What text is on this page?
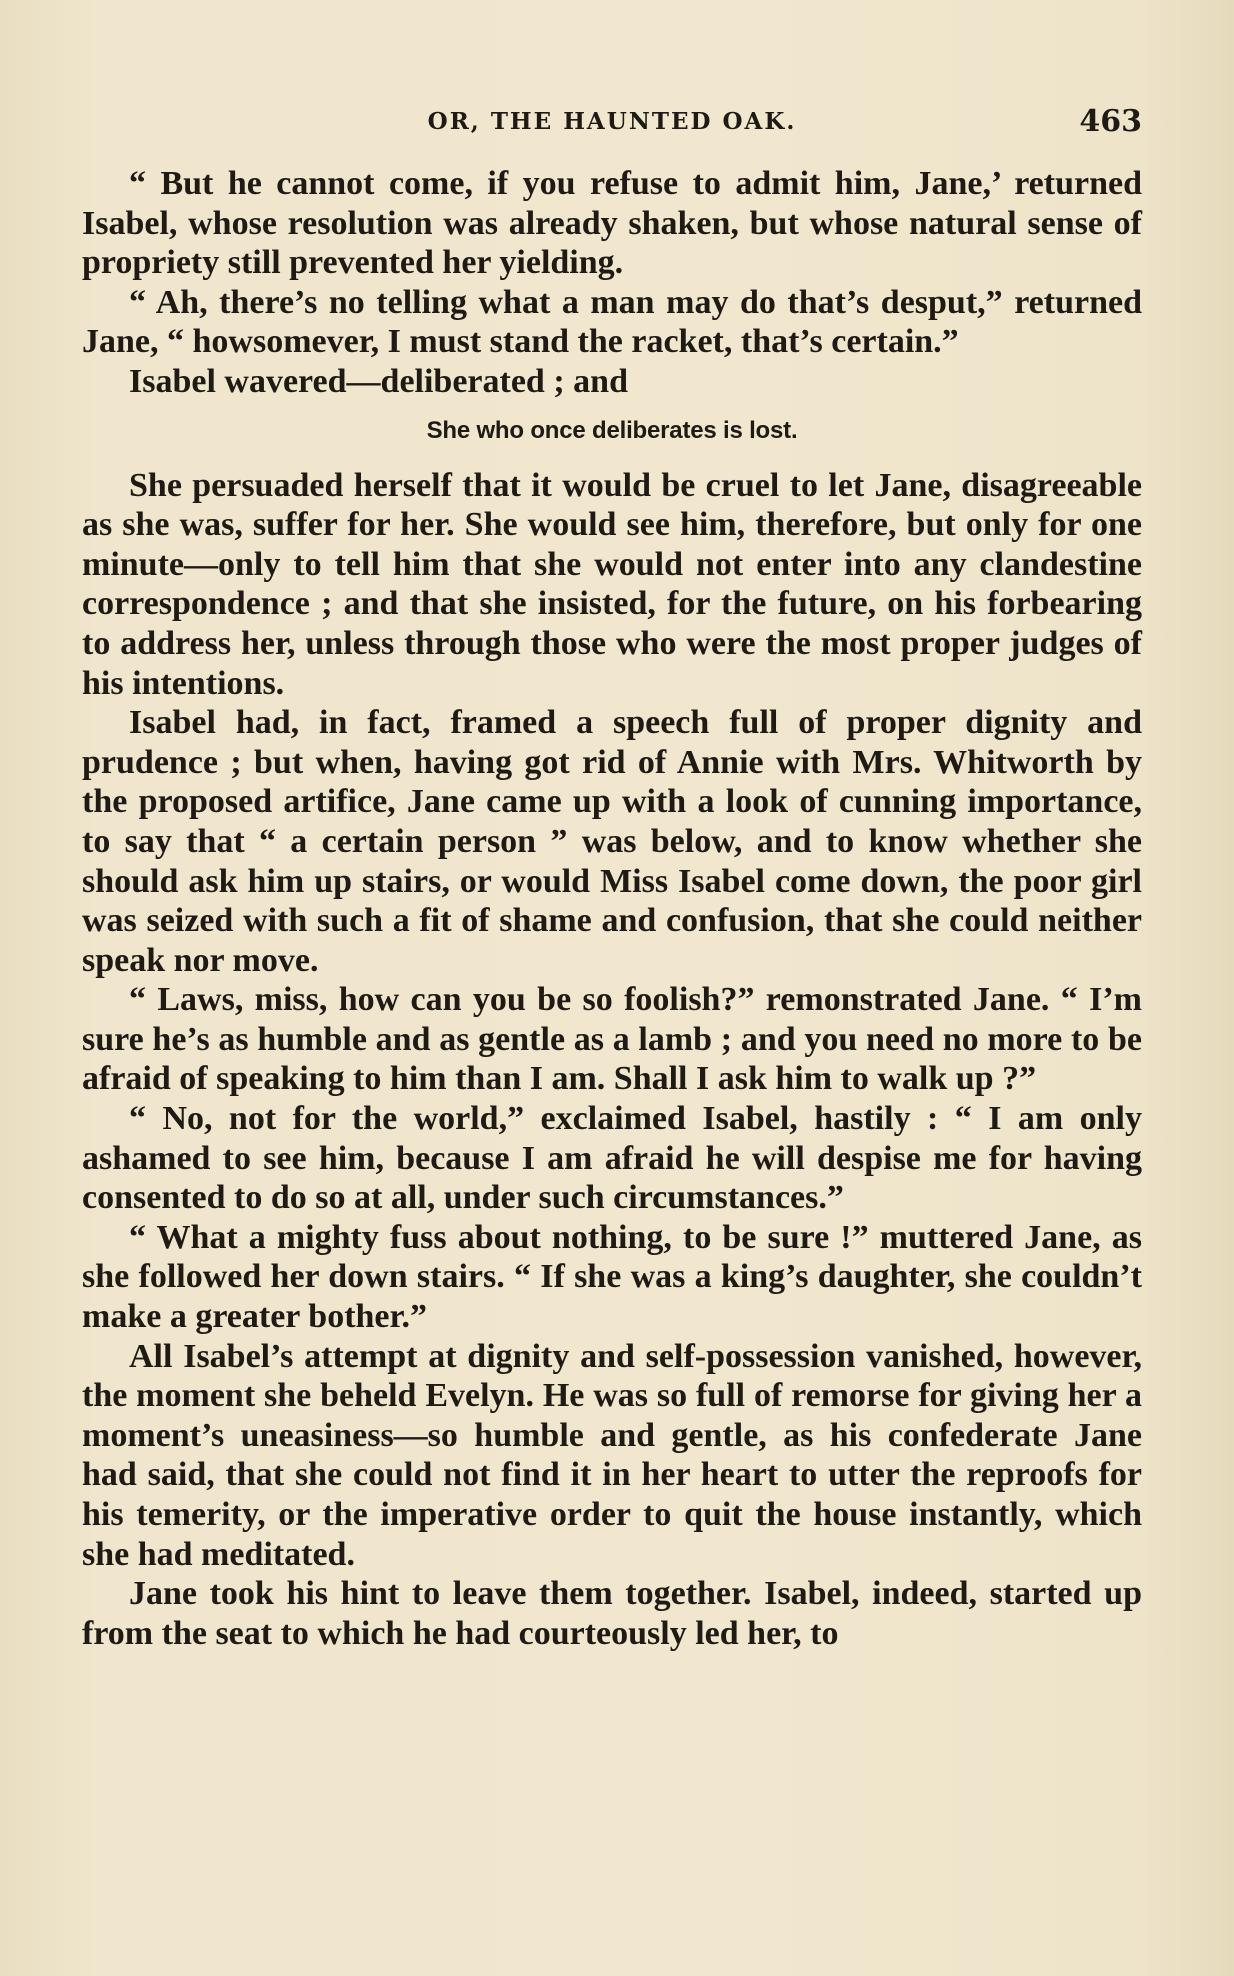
OR, THE HAUNTED OAK.	463

“ But he cannot come, if you refuse to admit him, Jane,’ returned Isabel, whose resolution was already shaken, but whose natural sense of propriety still prevented her yielding.

“ Ah, there’s no telling what a man may do that’s desput,” returned Jane, “ howsomever, I must stand the racket, that’s certain.”

Isabel wavered—deliberated ; and

She who once deliberates is lost.

She persuaded herself that it would be cruel to let Jane, disagreeable as she was, suffer for her. She would see him, therefore, but only for one minute—only to tell him that she would not enter into any clandestine correspondence ; and that she insisted, for the future, on his forbearing to address her, unless through those who were the most proper judges of his intentions.

Isabel had, in fact, framed a speech full of proper dignity and prudence ; but when, having got rid of Annie with Mrs. Whitworth by the proposed artifice, Jane came up with a look of cunning importance, to say that “ a certain person ” was below, and to know whether she should ask him up stairs, or would Miss Isabel come down, the poor girl was seized with such a fit of shame and confusion, that she could neither speak nor move.

“ Laws, miss, how can you be so foolish?” remonstrated Jane. “ I’m sure he’s as humble and as gentle as a lamb ; and you need no more to be afraid of speaking to him than I am. Shall I ask him to walk up ?”

“ No, not for the world,” exclaimed Isabel, hastily : “ I am only ashamed to see him, because I am afraid he will despise me for having consented to do so at all, under such circumstances.”

“ What a mighty fuss about nothing, to be sure !” muttered Jane, as she followed her down stairs. “ If she was a king’s daughter, she couldn’t make a greater bother.”

All Isabel’s attempt at dignity and self-possession vanished, however, the moment she beheld Evelyn. He was so full of remorse for giving her a moment’s uneasiness—so humble and gentle, as his confederate Jane had said, that she could not find it in her heart to utter the reproofs for his temerity, or the imperative order to quit the house instantly, which she had meditated.

Jane took his hint to leave them together. Isabel, indeed, started up from the seat to which he had courteously led her, to
